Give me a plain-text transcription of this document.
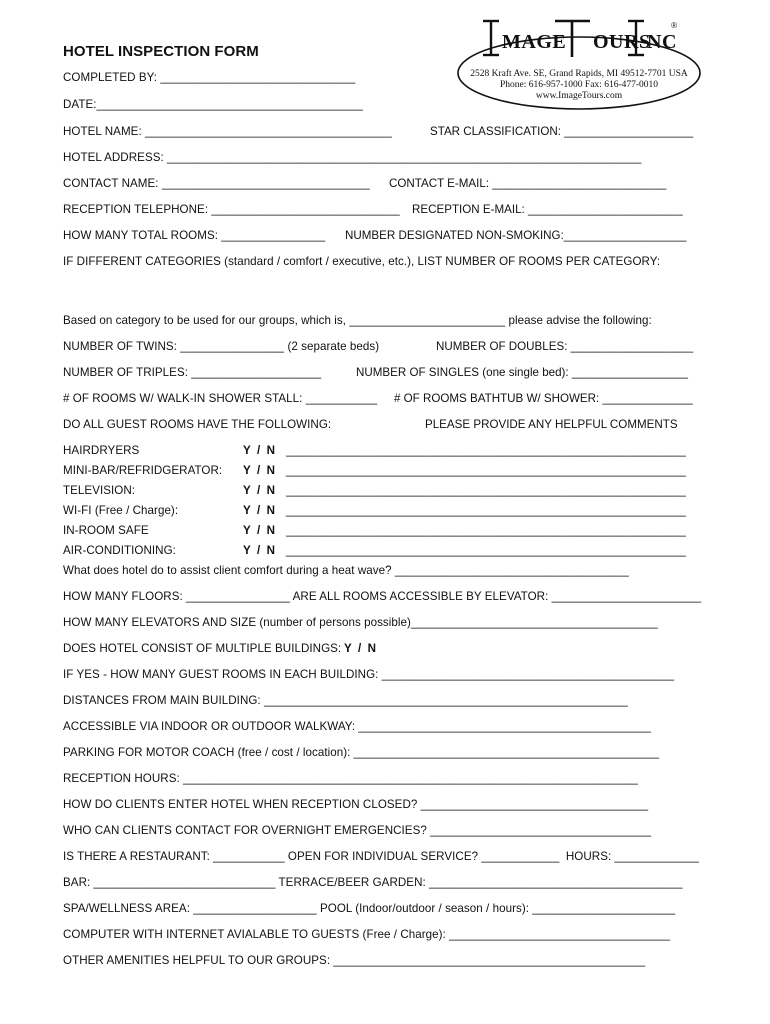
MAGE OURS
NC
®
2528 Kraft Ave. SE, Grand Rapids, MI 49512-7701 USA
Phone: 616-957-1000 Fax: 616-477-0010
www.ImageTours.com
HOTEL INSPECTION FORM
COMPLETED BY: ______________________________
DATE:_________________________________________
HOTEL NAME: ______________________________________	STAR CLASSIFICATION: ____________________
HOTEL ADDRESS: _________________________________________________________________________
CONTACT NAME: ________________________________ CONTACT E-MAIL: ___________________________
RECEPTION TELEPHONE: _____________________________ RECEPTION E-MAIL: ________________________
HOW MANY TOTAL ROOMS: ________________ NUMBER DESIGNATED NON-SMOKING:___________________
IF DIFFERENT CATEGORIES (standard / comfort / executive, etc.), LIST NUMBER OF ROOMS PER CATEGORY:
Based on category to be used for our groups, which is, ________________________ please advise the following:
NUMBER OF TWINS: ________________ (2 separate beds)	NUMBER OF DOUBLES: ___________________
NUMBER OF TRIPLES: ____________________	NUMBER OF SINGLES (one single bed): __________________
# OF ROOMS W/ WALK-IN SHOWER STALL: ___________ # OF ROOMS BATHTUB W/ SHOWER: ______________
DO ALL GUEST ROOMS HAVE THE FOLLOWING:	PLEASE PROVIDE ANY HELPFUL COMMENTS
HAIRDRYERS	Y  /  N ______________________________________________________________
MINI-BAR/REFRIDGERATOR: Y  /  N ______________________________________________________________
TELEVISION:	Y  /  N ______________________________________________________________
WI-FI (Free / Charge):	Y  /  N ______________________________________________________________
IN-ROOM SAFE	Y  /  N ______________________________________________________________
AIR-CONDITIONING:	Y  /  N ______________________________________________________________
What does hotel do to assist client comfort during a heat wave? ____________________________________
HOW MANY FLOORS: ________________ ARE ALL ROOMS ACCESSIBLE BY ELEVATOR: _______________________
HOW MANY ELEVATORS AND SIZE (number of persons possible)______________________________________
DOES HOTEL CONSIST OF MULTIPLE BUILDINGS: Y  /  N
IF YES - HOW MANY GUEST ROOMS IN EACH BUILDING: _____________________________________________
DISTANCES FROM MAIN BUILDING: ________________________________________________________
ACCESSIBLE VIA INDOOR OR OUTDOOR WALKWAY: _____________________________________________
PARKING FOR MOTOR COACH (free / cost / location): _______________________________________________
RECEPTION HOURS: ______________________________________________________________________
HOW DO CLIENTS ENTER HOTEL WHEN RECEPTION CLOSED? ___________________________________
WHO CAN CLIENTS CONTACT FOR OVERNIGHT EMERGENCIES? __________________________________
IS THERE A RESTAURANT: ___________ OPEN FOR INDIVIDUAL SERVICE? ____________  HOURS: _____________
BAR: ____________________________ TERRACE/BEER GARDEN: _______________________________________
SPA/WELLNESS AREA: ___________________ POOL (Indoor/outdoor / season / hours): ______________________
COMPUTER WITH INTERNET AVIALABLE TO GUESTS (Free / Charge): __________________________________
OTHER AMENITIES HELPFUL TO OUR GROUPS: ________________________________________________
